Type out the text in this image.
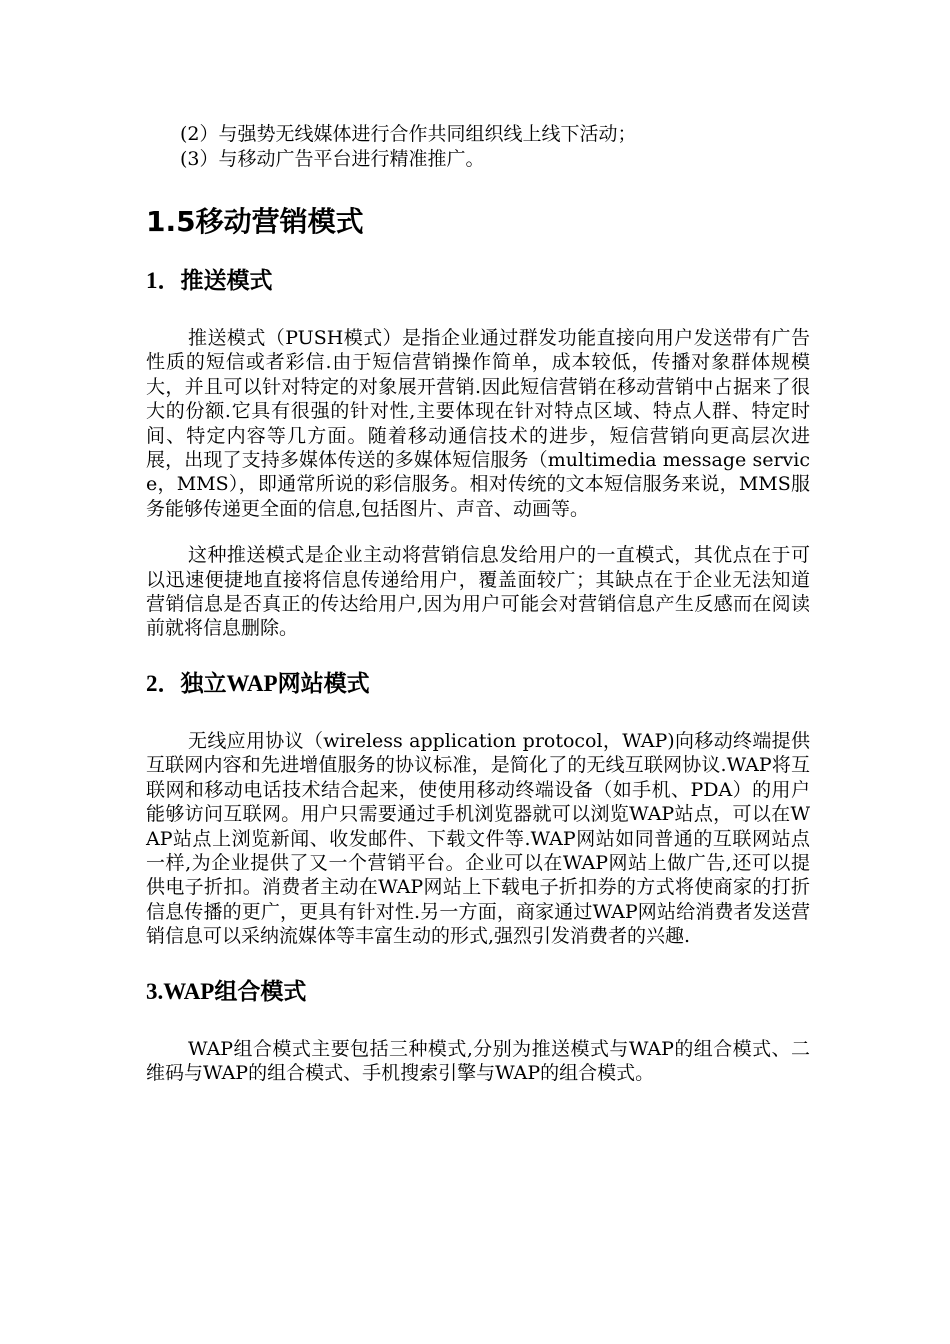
(2）与强势无线媒体进行合作共同组织线上线下活动；

(3）与移动广告平台进行精准推广。

1.5移动营销模式
1．推送模式

推送模式（PUSH模式）是指企业通过群发功能直接向用户发送带有广告性质的短信或者彩信.由于短信营销操作简单，成本较低，传播对象群体规模大，并且可以针对特定的对象展开营销.因此短信营销在移动营销中占据来了很大的份额.它具有很强的针对性,主要体现在针对特点区域、特点人群、特定时间、特定内容等几方面。随着移动通信技术的进步，短信营销向更高层次进展，出现了支持多媒体传送的多媒体短信服务（multimedia message service，MMS），即通常所说的彩信服务。相对传统的文本短信服务来说，MMS服务能够传递更全面的信息,包括图片、声音、动画等。

这种推送模式是企业主动将营销信息发给用户的一直模式，其优点在于可以迅速便捷地直接将信息传递给用户，覆盖面较广；其缺点在于企业无法知道营销信息是否真正的传达给用户,因为用户可能会对营销信息产生反感而在阅读前就将信息删除。

2．独立WAP网站模式

无线应用协议（wireless application protocol，WAP)向移动终端提供互联网内容和先进增值服务的协议标准，是简化了的无线互联网协议.WAP将互联网和移动电话技术结合起来，使使用移动终端设备（如手机、PDA）的用户能够访问互联网。用户只需要通过手机浏览器就可以浏览WAP站点，可以在WAP站点上浏览新闻、收发邮件、下载文件等.WAP网站如同普通的互联网站点一样,为企业提供了又一个营销平台。企业可以在WAP网站上做广告,还可以提供电子折扣。消费者主动在WAP网站上下载电子折扣券的方式将使商家的打折信息传播的更广，更具有针对性.另一方面，商家通过WAP网站给消费者发送营销信息可以采纳流媒体等丰富生动的形式,强烈引发消费者的兴趣.

3.WAP组合模式

WAP组合模式主要包括三种模式,分别为推送模式与WAP的组合模式、二维码与WAP的组合模式、手机搜索引擎与WAP的组合模式。
